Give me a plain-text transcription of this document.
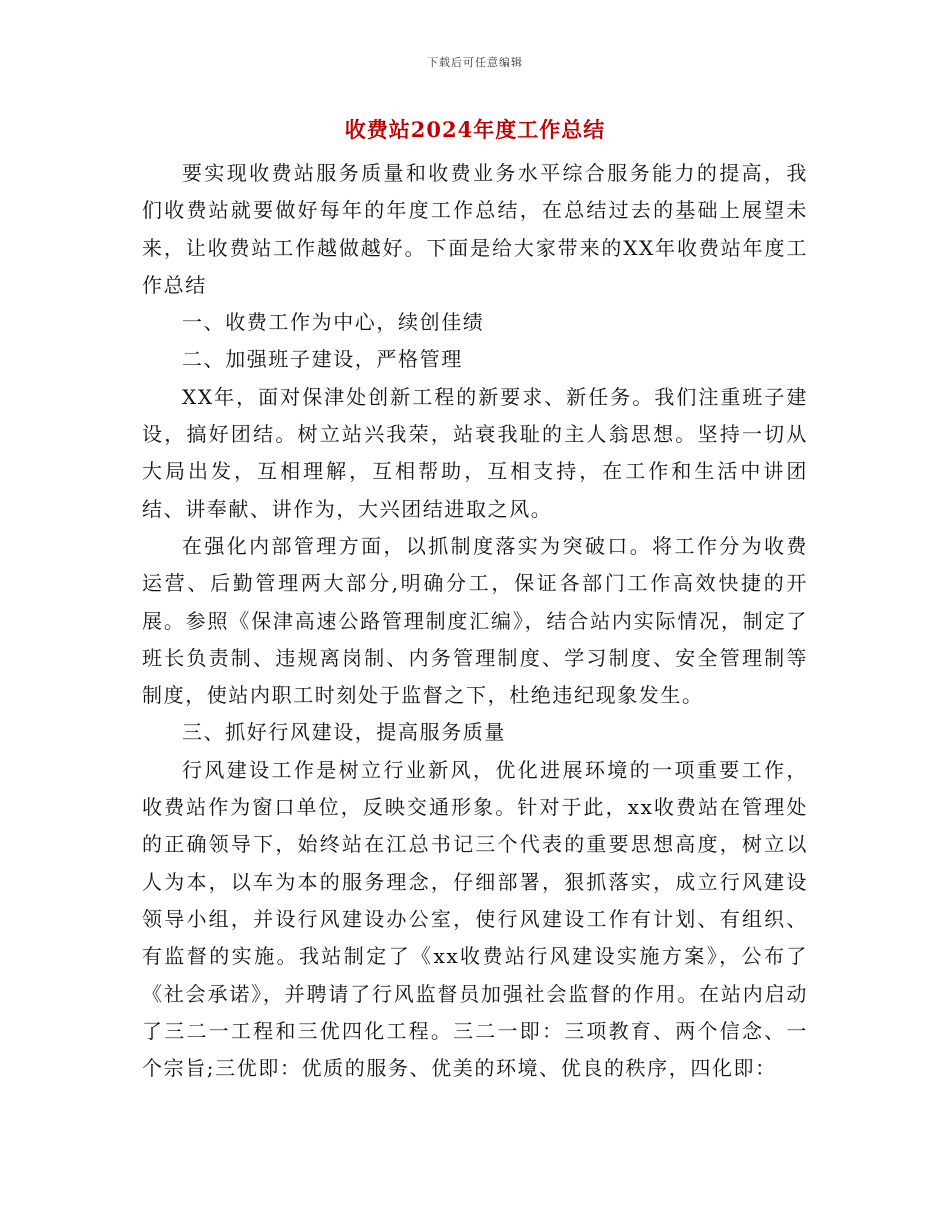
下载后可任意编辑
收费站2024年度工作总结

要实现收费站服务质量和收费业务水平综合服务能力的提高，我们收费站就要做好每年的年度工作总结，在总结过去的基础上展望未来，让收费站工作越做越好。下面是给大家带来的XX年收费站年度工作总结

一、收费工作为中心，续创佳绩

二、加强班子建设，严格管理

XX年，面对保津处创新工程的新要求、新任务。我们注重班子建设，搞好团结。树立站兴我荣，站衰我耻的主人翁思想。坚持一切从大局出发，互相理解，互相帮助，互相支持，在工作和生活中讲团结、讲奉献、讲作为，大兴团结进取之风。

在强化内部管理方面，以抓制度落实为突破口。将工作分为收费运营、后勤管理两大部分,明确分工，保证各部门工作高效快捷的开展。参照《保津高速公路管理制度汇编》，结合站内实际情况，制定了班长负责制、违规离岗制、内务管理制度、学习制度、安全管理制等制度，使站内职工时刻处于监督之下，杜绝违纪现象发生。

三、抓好行风建设，提高服务质量

行风建设工作是树立行业新风，优化进展环境的一项重要工作，收费站作为窗口单位，反映交通形象。针对于此，xx收费站在管理处的正确领导下，始终站在江总书记三个代表的重要思想高度，树立以人为本，以车为本的服务理念，仔细部署，狠抓落实，成立行风建设领导小组，并设行风建设办公室，使行风建设工作有计划、有组织、有监督的实施。我站制定了《xx收费站行风建设实施方案》，公布了《社会承诺》，并聘请了行风监督员加强社会监督的作用。在站内启动了三二一工程和三优四化工程。三二一即：三项教育、两个信念、一个宗旨;三优即：优质的服务、优美的环境、优良的秩序，四化即：
